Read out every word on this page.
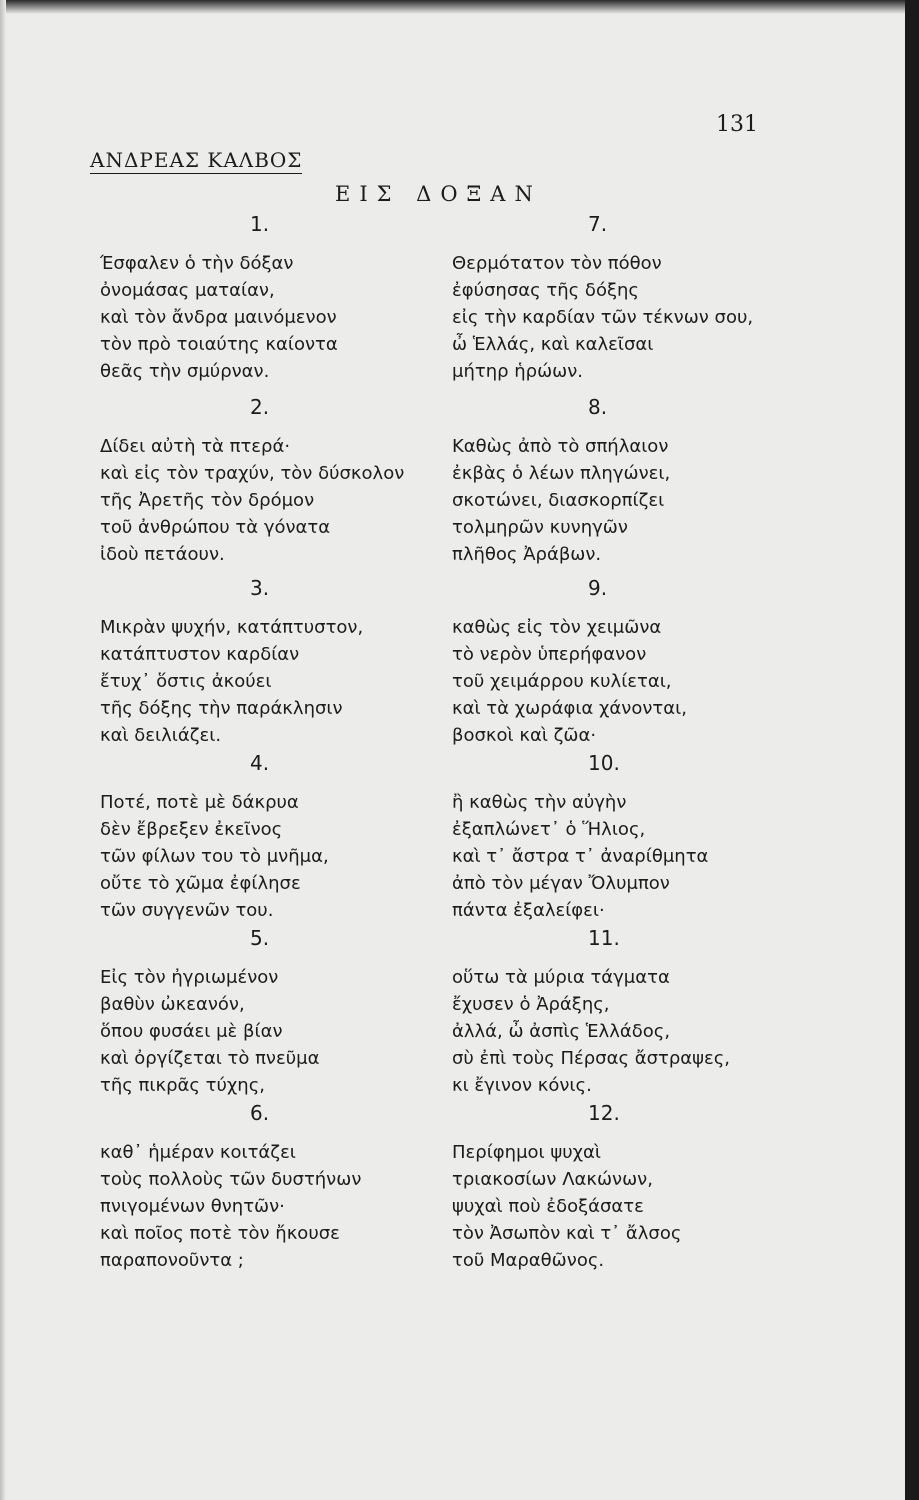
131
ΑΝΔΡΕΑΣ ΚΑΛΒΟΣ
ΕΙΣ ΔΟΞΑΝ
1.
Έσφαλεν ὁ τὴν δόξαν
ὀνομάσας ματαίαν,
καὶ τὸν ἄνδρα μαινόμενον
τὸν πρὸ τοιαύτης καίοντα
θεᾶς τὴν σμύρναν.
2.
Δίδει αὐτὴ τὰ πτερά·
καὶ εἰς τὸν τραχύν, τὸν δύσκολον
τῆς Ἀρετῆς τὸν δρόμον
τοῦ ἀνθρώπου τὰ γόνατα
ἰδοὺ πετάουν.
3.
Μικρὰν ψυχήν, κατάπτυστον,
κατάπτυστον καρδίαν
ἔτυχ᾽ ὅστις ἀκούει
τῆς δόξης τὴν παράκλησιν
καὶ δειλιάζει.
4.
Ποτέ, ποτὲ μὲ δάκρυα
δὲν ἔβρεξεν ἐκεῖνος
τῶν φίλων του τὸ μνῆμα,
οὔτε τὸ χῶμα ἐφίλησε
τῶν συγγενῶν του.
5.
Εἰς τὸν ἠγριωμένον
βαθὺν ὠκεανόν,
ὅπου φυσάει μὲ βίαν
καὶ ὀργίζεται τὸ πνεῦμα
τῆς πικρᾶς τύχης,
6.
καθ᾽ ἡμέραν κοιτάζει
τοὺς πολλοὺς τῶν δυστήνων
πνιγομένων θνητῶν·
καὶ ποῖος ποτὲ τὸν ἤκουσε
παραπονοῦντα ;
7.
Θερμότατον τὸν πόθον
ἐφύσησας τῆς δόξης
εἰς τὴν καρδίαν τῶν τέκνων σου,
ὦ Ἑλλάς, καὶ καλεῖσαι
μήτηρ ἡρώων.
8.
Καθὼς ἀπὸ τὸ σπήλαιον
ἐκβὰς ὁ λέων πληγώνει,
σκοτώνει, διασκορπίζει
τολμηρῶν κυνηγῶν
πλῆθος Ἀράβων.
9.
καθὼς εἰς τὸν χειμῶνα
τὸ νερὸν ὑπερήφανον
τοῦ χειμάρρου κυλίεται,
καὶ τὰ χωράφια χάνονται,
βοσκοὶ καὶ ζῶα·
10.
ἢ καθὼς τὴν αὐγὴν
ἐξαπλώνετ᾽ ὁ Ἥλιος,
καὶ τ᾽ ἄστρα τ᾽ ἀναρίθμητα
ἀπὸ τὸν μέγαν Ὄλυμπον
πάντα ἐξαλείφει·
11.
οὕτω τὰ μύρια τάγματα
ἔχυσεν ὁ Ἀράξης,
ἀλλά, ὦ ἀσπὶς Ἑλλάδος,
σὺ ἐπὶ τοὺς Πέρσας ἄστραψες,
κι ἔγινον κόνις.
12.
Περίφημοι ψυχαὶ
τριακοσίων Λακώνων,
ψυχαὶ ποὺ ἐδοξάσατε
τὸν Ἀσωπὸν καὶ τ᾽ ἄλσος
τοῦ Μαραθῶνος.
